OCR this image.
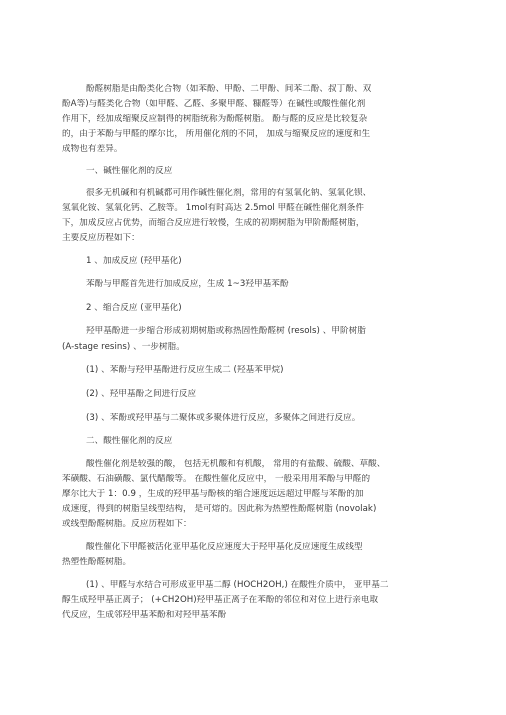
酚醛树脂是由酚类化合物（如苯酚、甲酚、二甲酚、间苯二酚、叔丁酚、双
酚A等)与醛类化合物（如甲醛、乙醛、多聚甲醛、糠醛等）在碱性或酸性催化剂
作用下，经加成缩聚反应制得的树脂统称为酚醛树脂。 酚与醛的反应是比较复杂
的，由于苯酚与甲醛的摩尔比， 所用催化剂的不同， 加成与缩聚反应的速度和生
成物也有差异。
一、碱性催化剂的反应
很多无机碱和有机碱都可用作碱性催化剂，常用的有氢氧化钠、氢氧化钡、
氢氧化铵、氢氧化钙、乙胺等。 1mol有时高达 2.5mol 甲醛在碱性催化剂条件
下，加成反应占优势，而缩合反应进行较慢，生成的初期树脂为甲阶酚醛树脂，
主要反应历程如下：
1 、加成反应 (羟甲基化)
苯酚与甲醛首先进行加成反应，生成 1~3羟甲基苯酚
2 、缩合反应 (亚甲基化)
羟甲基酚进一步缩合形成初期树脂或称热固性酚醛树 (resols) 、甲阶树脂
(A-stage resins) 、一步树脂。
(1) 、苯酚与羟甲基酚进行反应生成二 (羟基苯甲烷)
(2) 、羟甲基酚之间进行反应
(3) 、苯酚或羟甲基与二聚体或多聚体进行反应，多聚体之间进行反应。
二、酸性催化剂的反应
酸性催化剂是较强的酸， 包括无机酸和有机酸， 常用的有盐酸、硫酸、草酸、
苯磺酸、石油磺酸、氯代醋酸等。 在酸性催化反应中， 一般采用用苯酚与甲醛的
摩尔比大于 1：0.9 ，生成的羟甲基与酚核的缩合速度远远超过甲醛与苯酚的加
成速度，得到的树脂呈线型结构， 是可熔的。因此称为热塑性酚醛树脂 (novolak)
或线型酚醛树脂。反应历程如下：
酸性催化下甲醛被活化亚甲基化反应速度大于羟甲基化反应速度生成线型
热塑性酚醛树脂。
(1) 、甲醛与水结合可形成亚甲基二醇 (HOCH2OH,) 在酸性介质中， 亚甲基二
醇生成羟甲基正离子； (+CH2OH)羟甲基正离子在苯酚的邻位和对位上进行亲电取
代反应，生成邻羟甲基苯酚和对羟甲基苯酚
